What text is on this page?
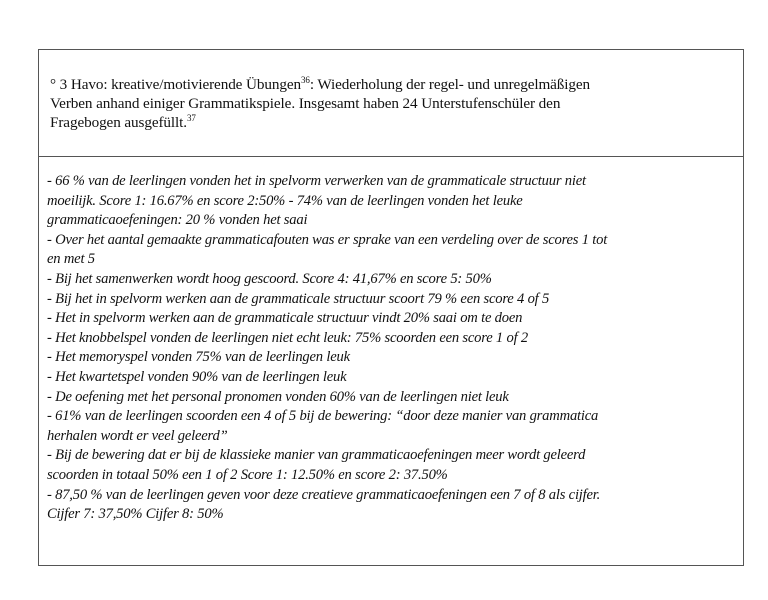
° 3 Havo: kreative/motivierende Übungen$^{36}$: Wiederholung der regel- und unregelmäßigen
Verben anhand einiger Grammatikspiele. Insgesamt haben 24 Unterstufenschüler den
Fragebogen ausgefüllt.$^{37}$
- 66 % van de leerlingen vonden het in spelvorm verwerken van de grammaticale structuur niet
moeilijk. Score 1: 16.67% en score 2:50% - 74% van de leerlingen vonden het leuke
grammaticaoefeningen: 20 % vonden het saai
- Over het aantal gemaakte grammaticafouten was er sprake van een verdeling over de scores 1 tot
en met 5
- Bij het samenwerken wordt hoog gescoord. Score 4: 41,67% en score 5: 50%
- Bij het in spelvorm werken aan de grammaticale structuur scoort 79 % een score 4 of 5
- Het in spelvorm werken aan de grammaticale structuur vindt 20% saai om te doen
- Het knobbelspel vonden de leerlingen niet echt leuk: 75% scoorden een score 1 of 2
- Het memoryspel vonden 75% van de leerlingen leuk
- Het kwartetspel vonden 90% van de leerlingen leuk
- De oefening met het personal pronomen vonden 60% van de leerlingen niet leuk
- 61% van de leerlingen scoorden een 4 of 5 bij de bewering: “door deze manier van grammatica
herhalen wordt er veel geleerd”
- Bij de bewering dat er bij de klassieke manier van grammaticaoefeningen meer wordt geleerd
scoorden in totaal 50% een 1 of 2 Score 1: 12.50% en score 2: 37.50%
- 87,50 % van de leerlingen geven voor deze creatieve grammaticaoefeningen een 7 of 8 als cijfer.
Cijfer 7: 37,50% Cijfer 8: 50%
